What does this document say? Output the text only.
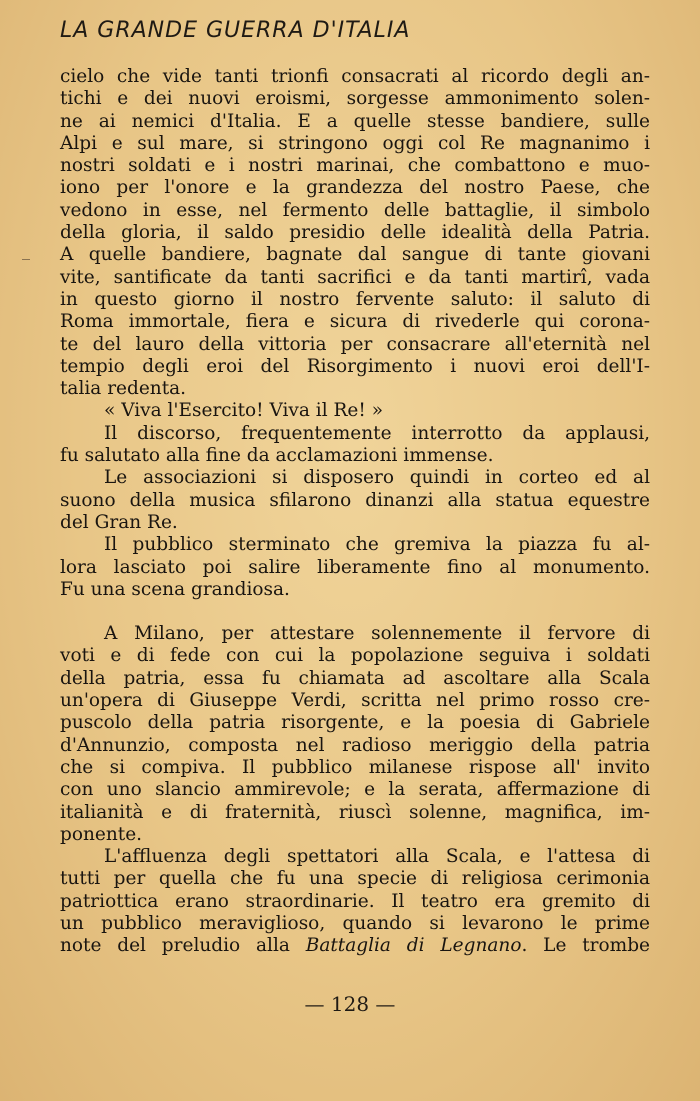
LA GRANDE GUERRA D'ITALIA
cielo che vide tanti trionfi consacrati al ricordo degli an-
tichi e dei nuovi eroismi, sorgesse ammonimento solen-
ne ai nemici d'Italia. E a quelle stesse bandiere, sulle
Alpi e sul mare, si stringono oggi col Re magnanimo i
nostri soldati e i nostri marinai, che combattono e muo-
iono per l'onore e la grandezza del nostro Paese, che
vedono in esse, nel fermento delle battaglie, il simbolo
della gloria, il saldo presidio delle idealità della Patria.
A quelle bandiere, bagnate dal sangue di tante giovani
vite, santificate da tanti sacrifici e da tanti martirî, vada
in questo giorno il nostro fervente saluto: il saluto di
Roma immortale, fiera e sicura di rivederle qui corona-
te del lauro della vittoria per consacrare all'eternità nel
tempio degli eroi del Risorgimento i nuovi eroi dell'I-
talia redenta.
« Viva l'Esercito! Viva il Re! »
Il discorso, frequentemente interrotto da applausi,
fu salutato alla fine da acclamazioni immense.
Le associazioni si disposero quindi in corteo ed al
suono della musica sfilarono dinanzi alla statua equestre
del Gran Re.
Il pubblico sterminato che gremiva la piazza fu al-
lora lasciato poi salire liberamente fino al monumento.
Fu una scena grandiosa.
A Milano, per attestare solennemente il fervore di
voti e di fede con cui la popolazione seguiva i soldati
della patria, essa fu chiamata ad ascoltare alla Scala
un'opera di Giuseppe Verdi, scritta nel primo rosso cre-
puscolo della patria risorgente, e la poesia di Gabriele
d'Annunzio, composta nel radioso meriggio della patria
che si compiva. Il pubblico milanese rispose all' invito
con uno slancio ammirevole; e la serata, affermazione di
italianità e di fraternità, riuscì solenne, magnifica, im-
ponente.
L'affluenza degli spettatori alla Scala, e l'attesa di
tutti per quella che fu una specie di religiosa cerimonia
patriottica erano straordinarie. Il teatro era gremito di
un pubblico meraviglioso, quando si levarono le prime
note del preludio alla Battaglia di Legnano. Le trombe
— 128 —
